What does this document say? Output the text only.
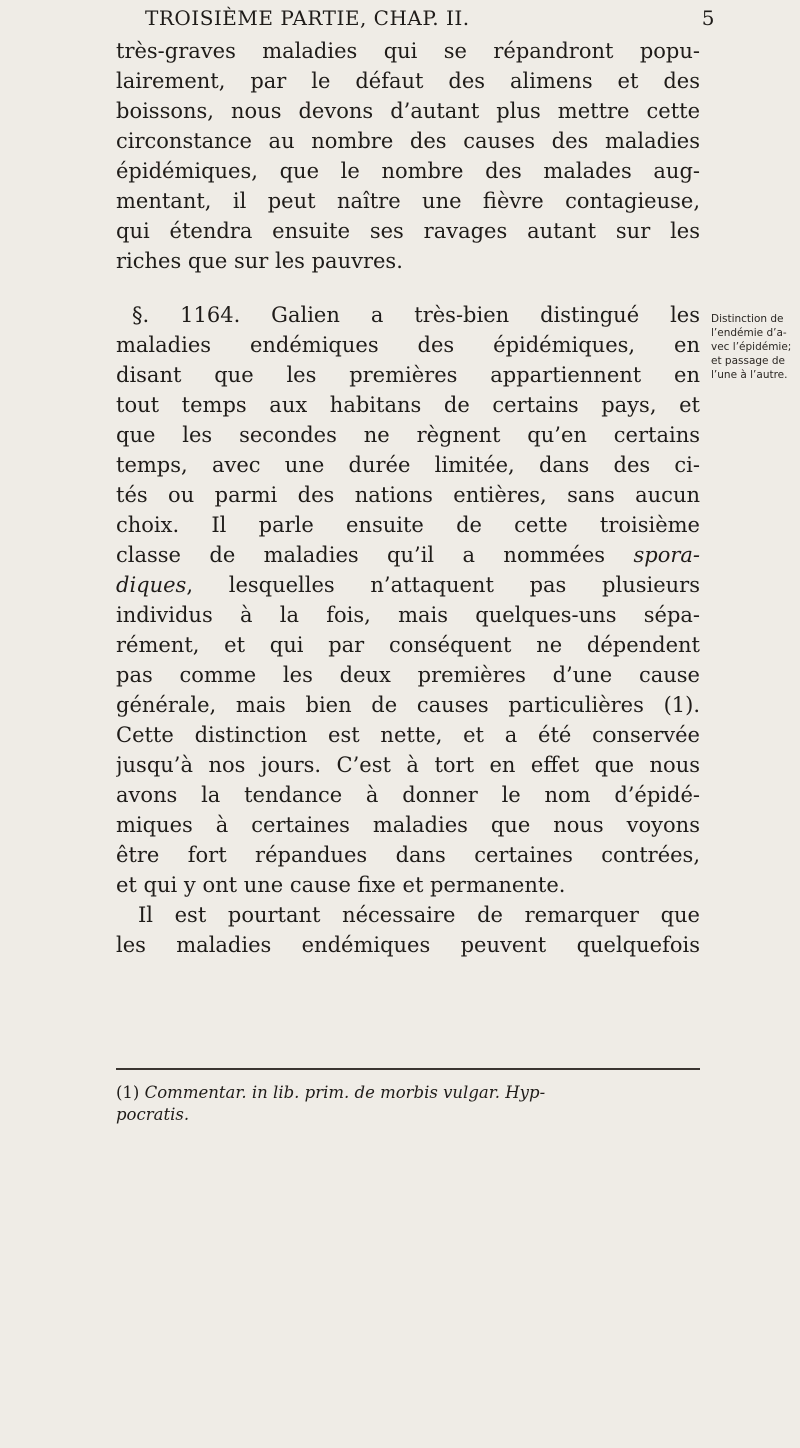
TROISIÈME PARTIE, CHAP. II.	5
très-graves maladies qui se répandront popu-
lairement, par le défaut des alimens et des
boissons, nous devons d’autant plus mettre cette
circonstance au nombre des causes des maladies
épidémiques, que le nombre des malades aug-
mentant, il peut naître une fièvre contagieuse,
qui étendra ensuite ses ravages autant sur les
riches que sur les pauvres.
§. 1164. Galien a très-bien distingué les
maladies endémiques des épidémiques, en
disant que les premières appartiennent en
tout temps aux habitans de certains pays, et
que les secondes ne règnent qu’en certains
temps, avec une durée limitée, dans des ci-
tés ou parmi des nations entières, sans aucun
choix. Il parle ensuite de cette troisième
classe de maladies qu’il a nommées spora-
diques, lesquelles n’attaquent pas plusieurs
individus à la fois, mais quelques-uns sépa-
rément, et qui par conséquent ne dépendent
pas comme les deux premières d’une cause
générale, mais bien de causes particulières (1).
Cette distinction est nette, et a été conservée
jusqu’à nos jours. C’est à tort en effet que nous
avons la tendance à donner le nom d’épidé-
miques à certaines maladies que nous voyons
être fort répandues dans certaines contrées,
et qui y ont une cause fixe et permanente.
Il est pourtant nécessaire de remarquer que
les maladies endémiques peuvent quelquefois
Distinction de
l’endémie d’a-
vec l’épidémie;
et passage de
l’une à l’autre.
(1) Commentar. in lib. prim. de morbis vulgar. Hyp-
pocratis.
